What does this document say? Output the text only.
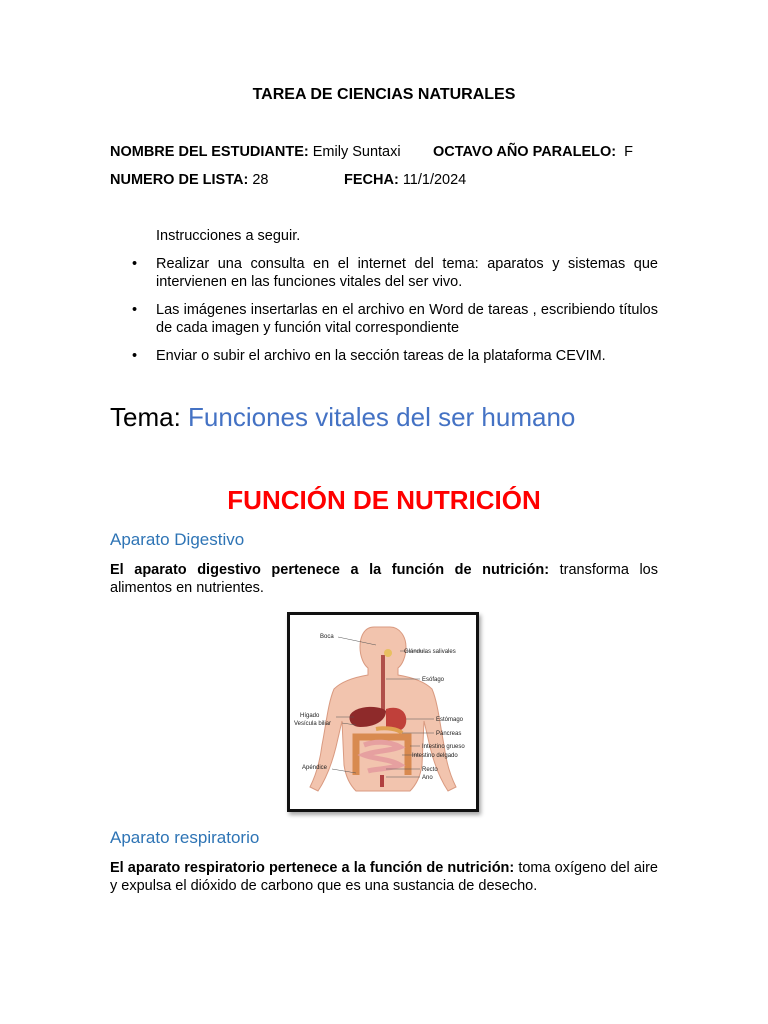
TAREA DE CIENCIAS NATURALES
NOMBRE DEL ESTUDIANTE: Emily Suntaxi OCTAVO AÑO PARALELO: F
NUMERO DE LISTA: 28	FECHA: 11/1/2024
Instrucciones a seguir.
• Realizar una consulta en el internet del tema: aparatos y sistemas que intervienen en las funciones vitales del ser vivo.
• Las imágenes insertarlas en el archivo en Word de tareas , escribiendo títulos de cada imagen y función vital correspondiente
• Enviar o subir el archivo en la sección tareas de la plataforma CEVIM.
Tema: Funciones vitales del ser humano
FUNCIÓN DE NUTRICIÓN
Aparato Digestivo
El aparato digestivo pertenece a la función de nutrición: transforma los alimentos en nutrientes.
Boca
Glándulas salivales
Esófago
Hígado
Vesícula biliar
Estómago
Páncreas
Intestino grueso
Intestino delgado
Apéndice	Recto
Ano
Aparato respiratorio
El aparato respiratorio pertenece a la función de nutrición: toma oxígeno del aire y expulsa el dióxido de carbono que es una sustancia de desecho.
